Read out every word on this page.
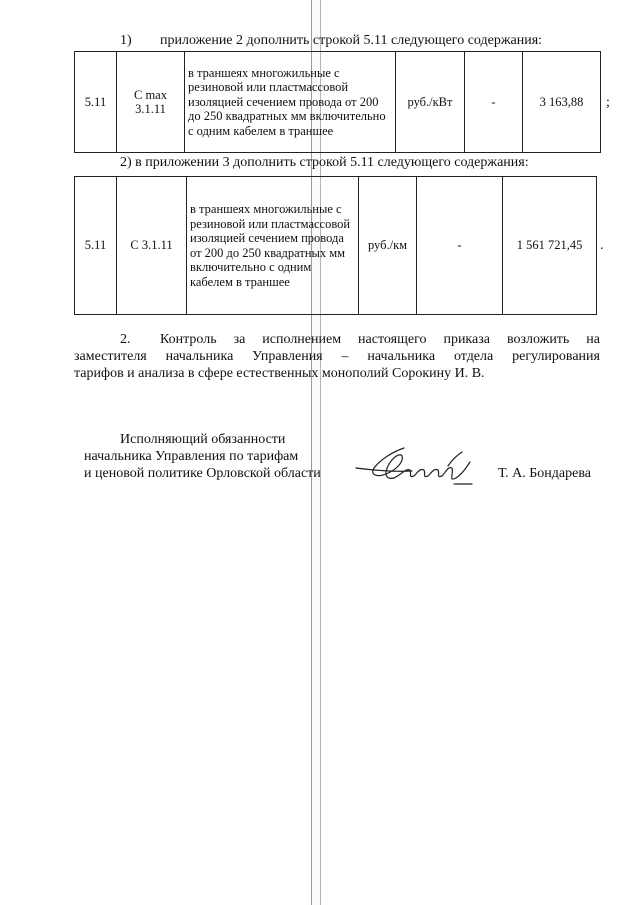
1) приложение 2 дополнить строкой 5.11 следующего содержания:
5.11	C max 3.1.11	в траншеях многожильные с резиновой или пластмассовой изоляцией сечением провода от 200 до 250 квадратных мм включительно с одним кабелем в траншее	руб./кВт	-	3 163,88 ;
2) в приложении 3 дополнить строкой 5.11 следующего содержания:
5.11	C 3.1.11	в траншеях многожильные с резиновой или пластмассовой изоляцией сечением провода от 200 до 250 квадратных мм включительно с одним кабелем в траншее	руб./км	-	1 561 721,45 .
2. Контроль за исполнением настоящего приказа возложить на
заместителя начальника Управления – начальника отдела регулирования
тарифов и анализа в сфере естественных монополий Сорокину И. В.
Исполняющий обязанности
начальника Управления по тарифам
и ценовой политике Орловской области	Т. А. Бондарева
